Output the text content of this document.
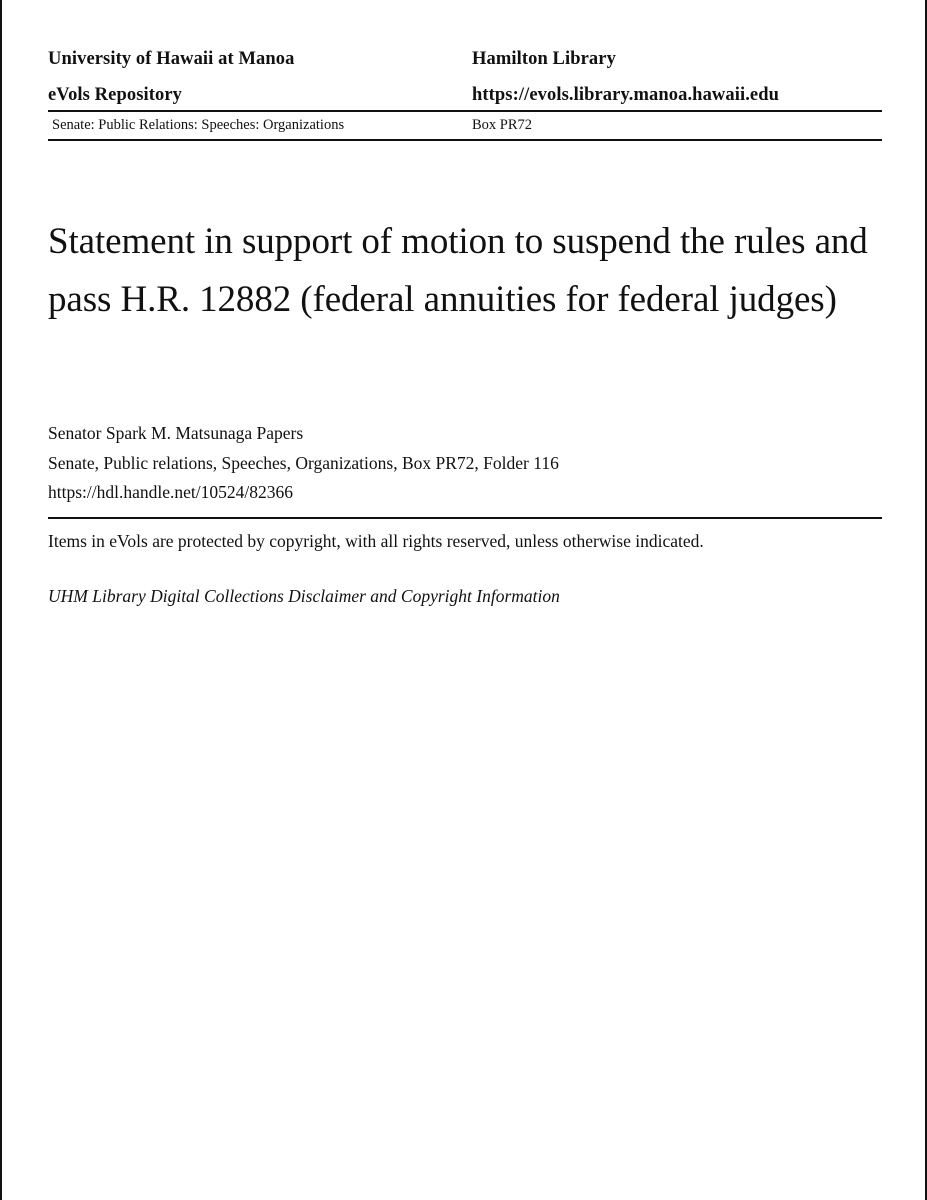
University of Hawaii at Manoa	Hamilton Library
eVols Repository	https://evols.library.manoa.hawaii.edu
Senate: Public Relations: Speeches: Organizations	Box PR72
Statement in support of motion to suspend the rules and pass H.R. 12882 (federal annuities for federal judges)
Senator Spark M. Matsunaga Papers
Senate, Public relations, Speeches, Organizations, Box PR72, Folder 116
https://hdl.handle.net/10524/82366
Items in eVols are protected by copyright, with all rights reserved, unless otherwise indicated.
UHM Library Digital Collections Disclaimer and Copyright Information
